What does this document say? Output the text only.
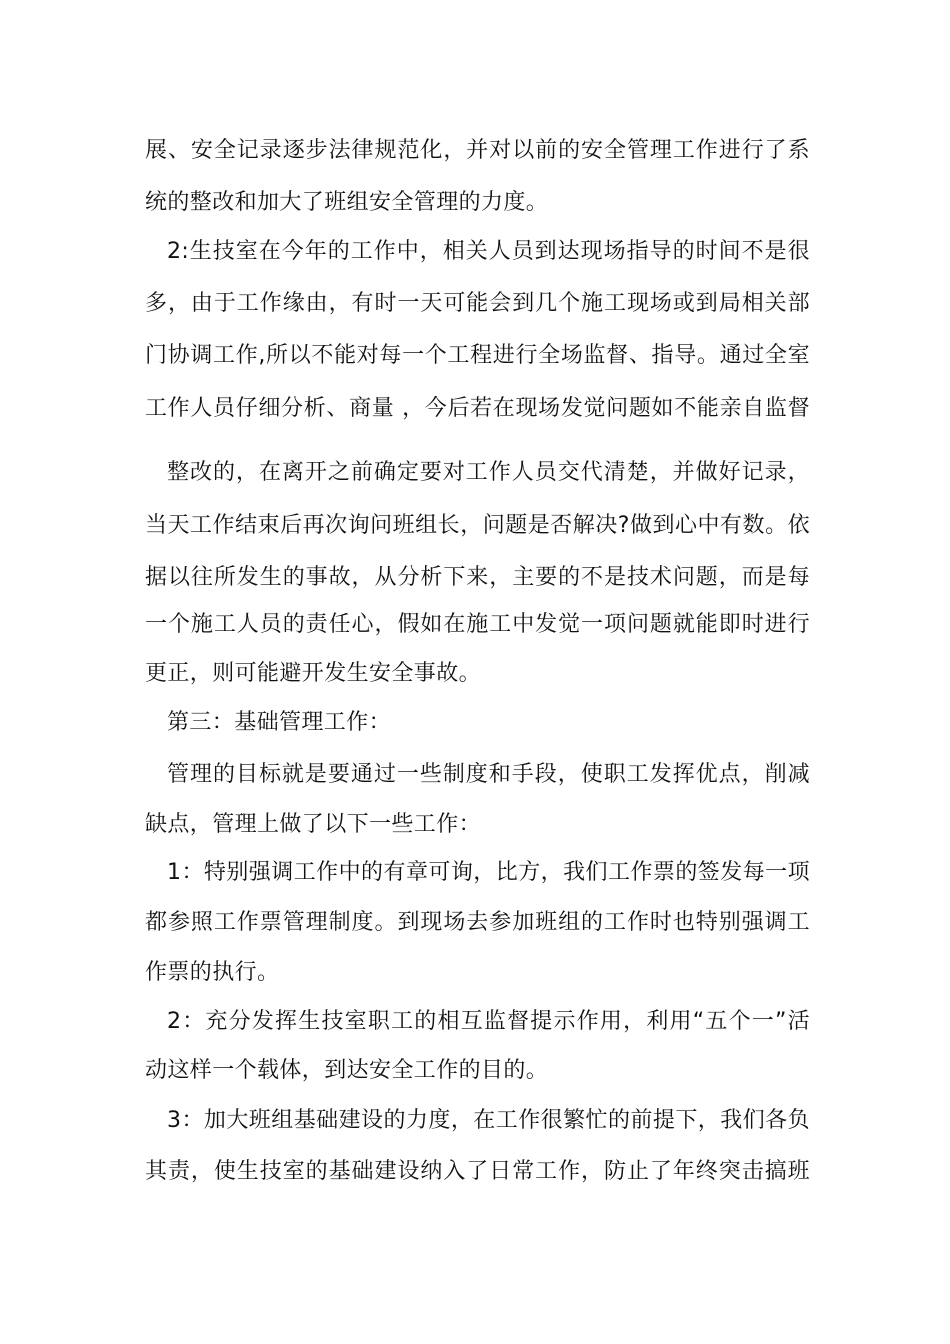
展、安全记录逐步法律规范化，并对以前的安全管理工作进行了系
统的整改和加大了班组安全管理的力度。
2:生技室在今年的工作中，相关人员到达现场指导的时间不是很
多，由于工作缘由，有时一天可能会到几个施工现场或到局相关部
门协调工作,所以不能对每一个工程进行全场监督、指导。通过全室
工作人员仔细分析、商量 ，今后若在现场发觉问题如不能亲自监督
整改的，在离开之前确定要对工作人员交代清楚，并做好记录，
当天工作结束后再次询问班组长，问题是否解决?做到心中有数。依
据以往所发生的事故，从分析下来，主要的不是技术问题，而是每
一个施工人员的责任心，假如在施工中发觉一项问题就能即时进行
更正，则可能避开发生安全事故。
第三：基础管理工作：
管理的目标就是要通过一些制度和手段，使职工发挥优点，削减
缺点，管理上做了以下一些工作：
1：特别强调工作中的有章可询，比方，我们工作票的签发每一项
都参照工作票管理制度。到现场去参加班组的工作时也特别强调工
作票的执行。
2：充分发挥生技室职工的相互监督提示作用，利用“五个一”活
动这样一个载体，到达安全工作的目的。
3：加大班组基础建设的力度，在工作很繁忙的前提下，我们各负
其责，使生技室的基础建设纳入了日常工作，防止了年终突击搞班
